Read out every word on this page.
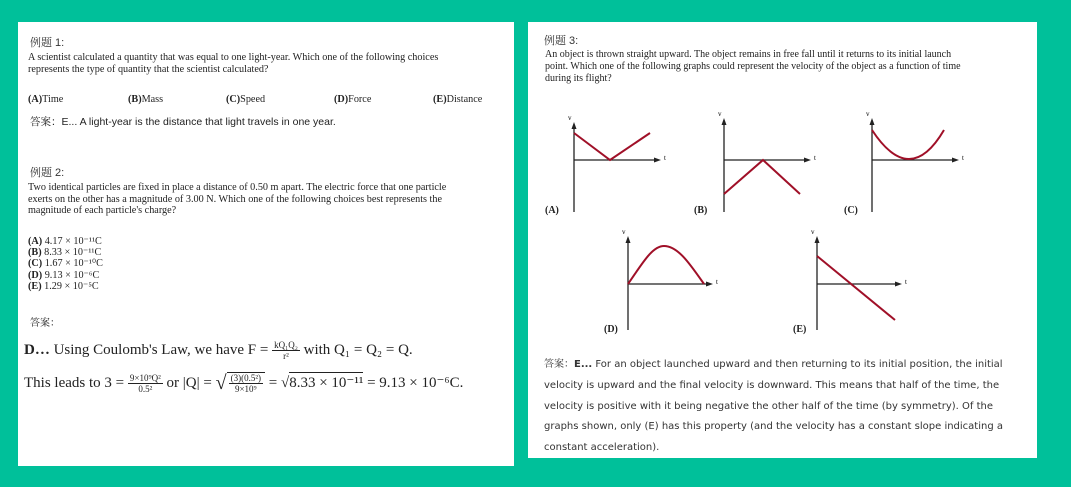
例题 1:
A scientist calculated a quantity that was equal to one light-year. Which one of the following choices
represents the type of quantity that the scientist calculated?
(A)Time	(B)Mass	(C)Speed	(D)Force	(E)Distance
答案：E... A light-year is the distance that light travels in one year.
例题 2:
Two identical particles are fixed in place a distance of 0.50 m apart. The electric force that one particle
exerts on the other has a magnitude of 3.00 N. Which one of the following choices best represents the
magnitude of each particle's charge?
(A) 4.17 × 10⁻¹¹C
(B) 8.33 × 10⁻¹¹C
(C) 1.67 × 10⁻¹⁰C
(D) 9.13 × 10⁻⁶C
(E) 1.29 × 10⁻⁵C
答案：
D… Using Coulomb's Law, we have $F = \frac{\text{kQ₁Q₂}}{\text{r²}}$ with Q₁ = Q₂ = Q.
This leads to $3 = \frac{\text{9×10⁹Q²}}{\text{0.5²}}$ or |Q| = √ $\frac{\text{(3)(0.5²)}}{\text{9×10⁹}} = √8.33 \times 10^{-11} = 9.13 \times 10^{-6}C$.
例题 3:
An object is thrown straight upward. The object remains in free fall until it returns to its initial launch
point. Which one of the following graphs could represent the velocity of the object as a function of time
during its flight?
v
t
(A)
v
t
(B)
v
t
(C)
v
t
(D)
v
t
(E)
答案：E... For an object launched upward and then returning to its initial position, the initial velocity is upward and the final velocity is downward. This means that half of the time, the velocity is positive with it being negative the other half of the time (by symmetry). Of the graphs shown, only (E) has this property (and the velocity has a constant slope indicating a constant acceleration).
